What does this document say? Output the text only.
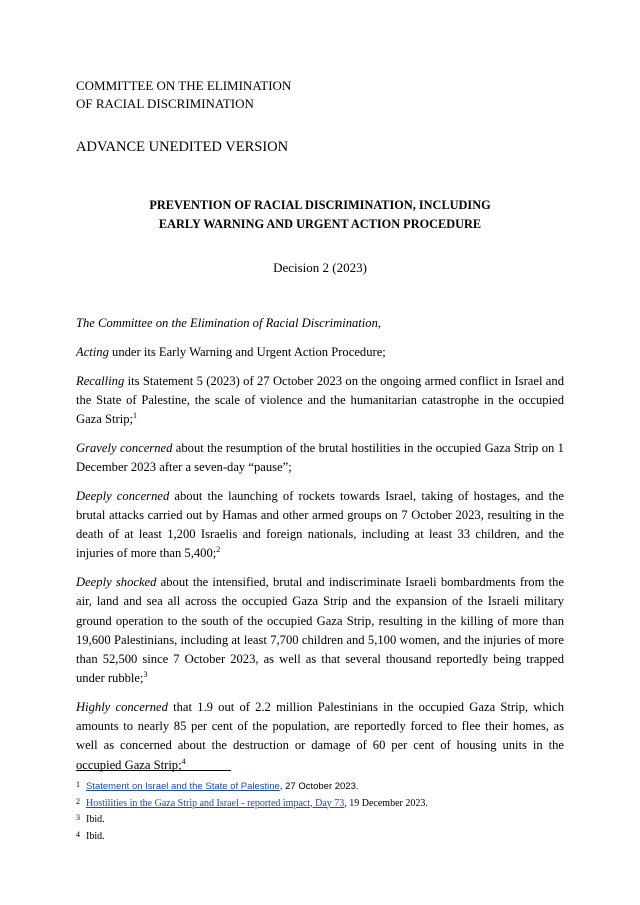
COMMITTEE ON THE ELIMINATION
OF RACIAL DISCRIMINATION
ADVANCE UNEDITED VERSION
PREVENTION OF RACIAL DISCRIMINATION, INCLUDING
EARLY WARNING AND URGENT ACTION PROCEDURE
Decision 2 (2023)

The Committee on the Elimination of Racial Discrimination,

Acting under its Early Warning and Urgent Action Procedure;

Recalling its Statement 5 (2023) of 27 October 2023 on the ongoing armed conflict in Israel and the State of Palestine, the scale of violence and the humanitarian catastrophe in the occupied Gaza Strip;$^1$

Gravely concerned about the resumption of the brutal hostilities in the occupied Gaza Strip on 1 December 2023 after a seven-day “pause”;

Deeply concerned about the launching of rockets towards Israel, taking of hostages, and the brutal attacks carried out by Hamas and other armed groups on 7 October 2023, resulting in the death of at least 1,200 Israelis and foreign nationals, including at least 33 children, and the injuries of more than 5,400;$^2$

Deeply shocked about the intensified, brutal and indiscriminate Israeli bombardments from the air, land and sea all across the occupied Gaza Strip and the expansion of the Israeli military ground operation to the south of the occupied Gaza Strip, resulting in the killing of more than 19,600 Palestinians, including at least 7,700 children and 5,100 women, and the injuries of more than 52,500 since 7 October 2023, as well as that several thousand reportedly being trapped under rubble;$^3$

Highly concerned that 1.9 out of 2.2 million Palestinians in the occupied Gaza Strip, which amounts to nearly 85 per cent of the population, are reportedly forced to flee their homes, as well as concerned about the destruction or damage of 60 per cent of housing units in the occupied Gaza Strip;$^4$

1 Statement on Israel and the State of Palestine, 27 October 2023.
2 Hostilities in the Gaza Strip and Israel - reported impact, Day 73, 19 December 2023.
3 Ibid.
4 Ibid.
